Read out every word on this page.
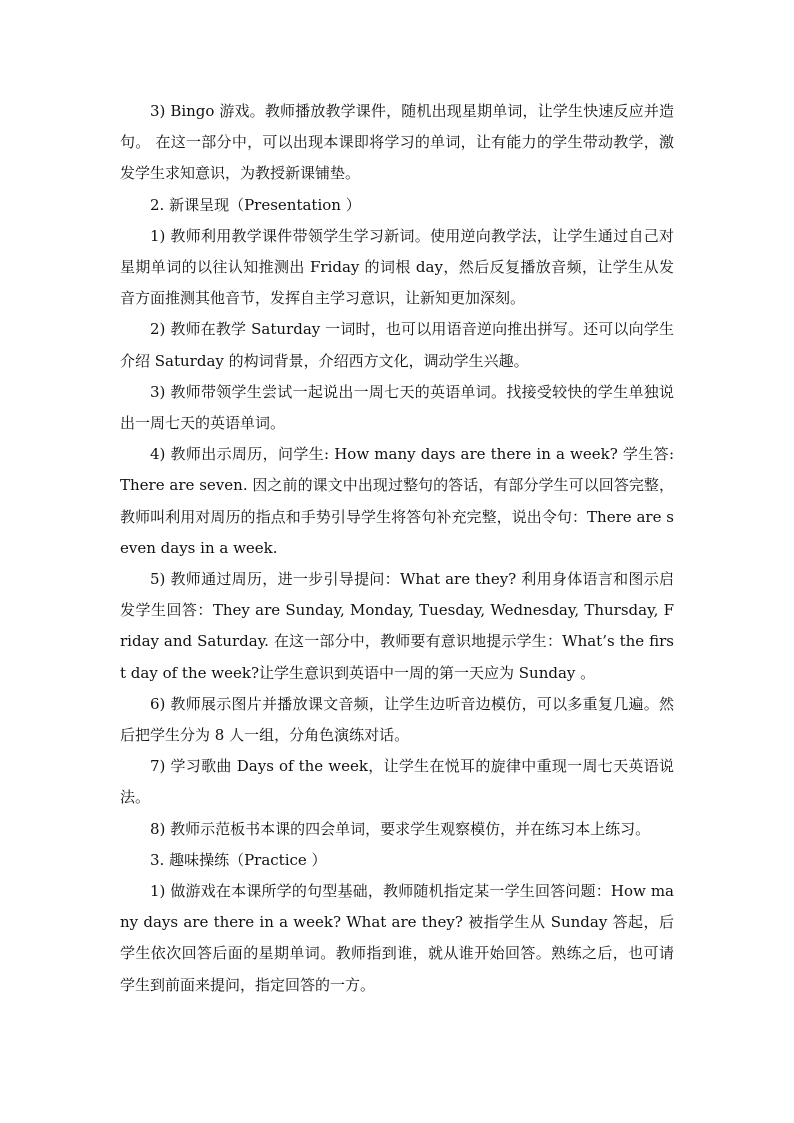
3) Bingo 游戏。教师播放教学课件，随机出现星期单词，让学生快速反应并造句。 在这一部分中，可以出现本课即将学习的单词，让有能力的学生带动教学，激发学生求知意识，为教授新课铺垫。

2. 新课呈现（Presentation ）

1) 教师利用教学课件带领学生学习新词。使用逆向教学法，让学生通过自己对星期单词的以往认知推测出 Friday 的词根 day，然后反复播放音频，让学生从发音方面推测其他音节，发挥自主学习意识，让新知更加深刻。

2) 教师在教学 Saturday 一词时，也可以用语音逆向推出拼写。还可以向学生介绍 Saturday 的构词背景，介绍西方文化，调动学生兴趣。

3) 教师带领学生尝试一起说出一周七天的英语单词。找接受较快的学生单独说出一周七天的英语单词。

4) 教师出示周历，问学生: How many days are there in a week? 学生答: There are seven. 因之前的课文中出现过整句的答话，有部分学生可以回答完整，教师叫利用对周历的指点和手势引导学生将答句补充完整，说出令句：There are seven days in a week.

5) 教师通过周历，进一步引导提问：What are they? 利用身体语言和图示启发学生回答：They are Sunday, Monday, Tuesday, Wednesday, Thursday, Friday and Saturday. 在这一部分中，教师要有意识地提示学生：What’s the first day of the week?让学生意识到英语中一周的第一天应为 Sunday 。

6) 教师展示图片并播放课文音频，让学生边听音边模仿，可以多重复几遍。然后把学生分为 8 人一组，分角色演练对话。

7) 学习歌曲 Days of the week，让学生在悦耳的旋律中重现一周七天英语说法。

8) 教师示范板书本课的四会单词，要求学生观察模仿，并在练习本上练习。

3. 趣味操练（Practice ）

1) 做游戏在本课所学的句型基础，教师随机指定某一学生回答问题：How many days are there in a week? What are they? 被指学生从 Sunday 答起，后学生依次回答后面的星期单词。教师指到谁，就从谁开始回答。熟练之后，也可请学生到前面来提问，指定回答的一方。
